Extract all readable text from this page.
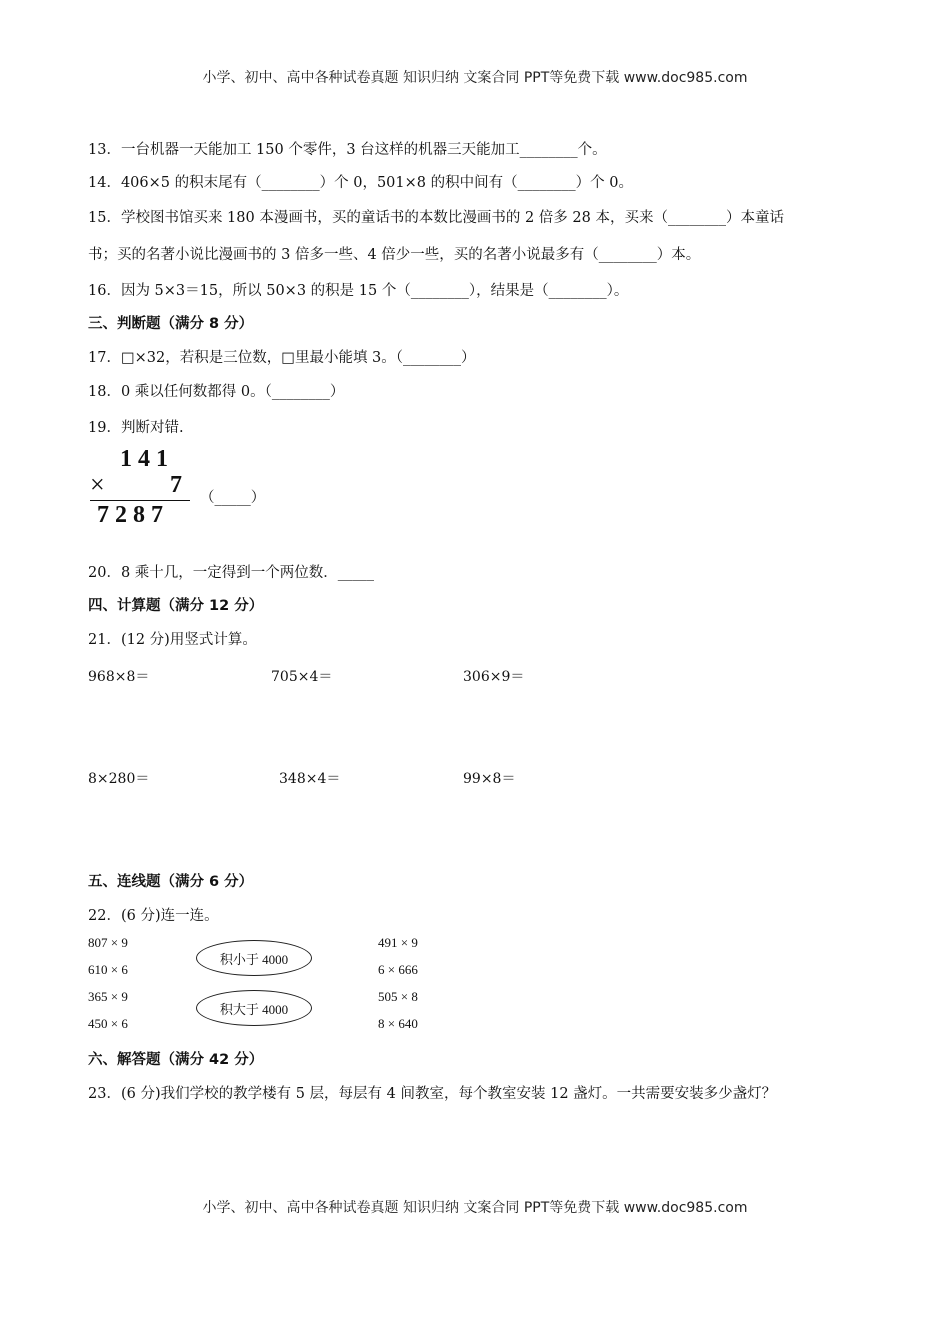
小学、初中、高中各种试卷真题 知识归纳 文案合同 PPT等免费下载 www.doc985.com
13．一台机器一天能加工 150 个零件，3 台这样的机器三天能加工________个。
14．406×5 的积末尾有（________）个 0，501×8 的积中间有（________）个 0。
15．学校图书馆买来 180 本漫画书，买的童话书的本数比漫画书的 2 倍多 28 本，买来（________）本童话
书；买的名著小说比漫画书的 3 倍多一些、4 倍少一些，买的名著小说最多有（________）本。
16．因为 5×3＝15，所以 50×3 的积是 15 个（________），结果是（________）。
三、判断题（满分 8 分）
17．□×32，若积是三位数，□里最小能填 3。（________）
18．0 乘以任何数都得 0。（________）
19．判断对错.
1 4 1
×	7
7 2 8 7
（_____）
20．8 乘十几，一定得到一个两位数．_____
四、计算题（满分 12 分）
21．(12 分)用竖式计算。
968×8＝	705×4＝	306×9＝
8×280＝	348×4＝	99×8＝
五、连线题（满分 6 分）
22．(6 分)连一连。
807 × 9
610 × 6
365 × 9
450 × 6
积小于 4000
积大于 4000
491 × 9
6 × 666
505 × 8
8 × 640
六、解答题（满分 42 分）
23．(6 分)我们学校的教学楼有 5 层，每层有 4 间教室，每个教室安装 12 盏灯。一共需要安装多少盏灯？
小学、初中、高中各种试卷真题 知识归纳 文案合同 PPT等免费下载 www.doc985.com
